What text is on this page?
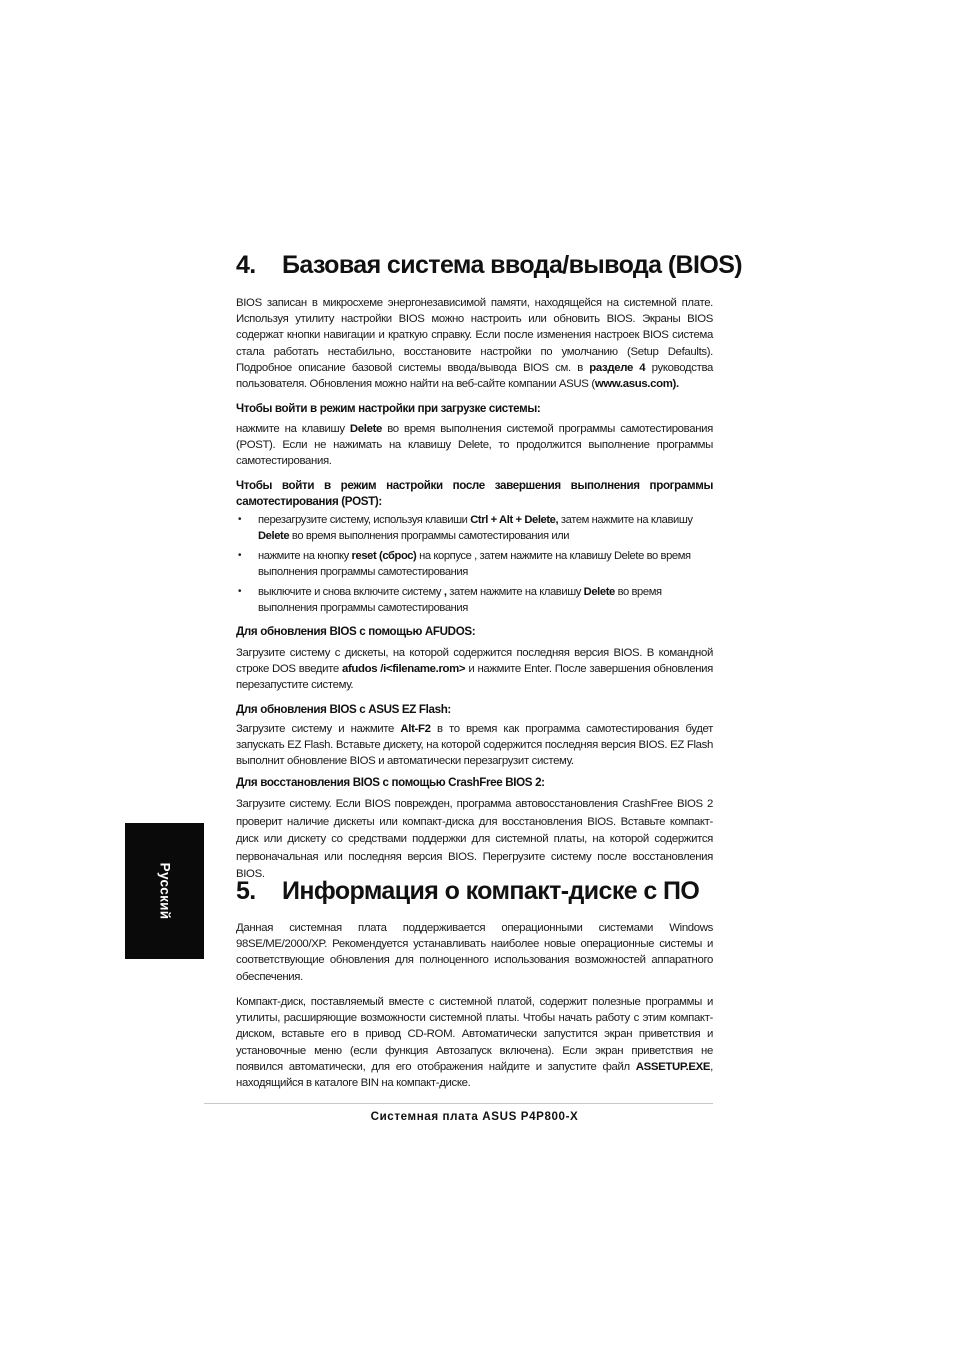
4. Базовая система ввода/вывода (BIOS)
BIOS записан в микросхеме энергонезависимой памяти, находящейся на системной плате. Используя утилиту настройки BIOS можно настроить или обновить BIOS. Экраны BIOS содержат кнопки навигации и краткую справку. Если после изменения настроек BIOS система стала работать нестабильно, восстановите настройки по умолчанию (Setup Defaults). Подробное описание базовой системы ввода/вывода BIOS см. в разделе 4 руководства пользователя. Обновления можно найти на веб-сайте компании ASUS (www.asus.com).
Чтобы войти в режим настройки при загрузке системы:
нажмите на клавишу Delete во время выполнения системой программы самотестирования (POST). Если не нажимать на клавишу Delete, то продолжится выполнение программы самотестирования.
Чтобы войти в режим настройки после завершения выполнения программы самотестирования (POST):
• перезагрузите систему, используя клавиши Ctrl + Alt + Delete, затем нажмите на клавишу Delete во время выполнения программы самотестирования или
• нажмите на кнопку reset (сброс) на корпусе , затем нажмите на клавишу Delete во время выполнения программы самотестирования
• выключите и снова включите систему , затем нажмите на клавишу Delete во время выполнения программы самотестирования
Для обновления BIOS с помощью AFUDOS:
Загрузите систему с дискеты, на которой содержится последняя версия BIOS. В командной строке DOS введите afudos /i<filename.rom> и нажмите Enter. После завершения обновления перезапустите систему.
Для обновления BIOS с ASUS EZ Flash:
Загрузите систему и нажмите Alt-F2 в то время как программа самотестирования будет запускать EZ Flash. Вставьте дискету, на которой содержится последняя версия BIOS. EZ Flash выполнит обновление BIOS и автоматически перезагрузит систему.
Для восстановления BIOS с помощью CrashFree BIOS 2:
Загрузите систему. Если BIOS поврежден, программа автовосстановления CrashFree BIOS 2 проверит наличие дискеты или компакт-диска для восстановления BIOS. Вставьте компакт-диск или дискету со средствами поддержки для системной платы, на которой содержится первоначальная или последняя версия BIOS. Перегрузите систему после восстановления BIOS.
5. Информация о компакт-диске с ПО
Данная системная плата поддерживается операционными системами Windows 98SE/ME/2000/XP. Рекомендуется устанавливать наиболее новые операционные системы и соответствующие обновления для полноценного использования возможностей аппаратного обеспечения.
Компакт-диск, поставляемый вместе с системной платой, содержит полезные программы и утилиты, расширяющие возможности системной платы. Чтобы начать работу с этим компакт-диском, вставьте его в привод CD-ROM. Автоматически запустится экран приветствия и установочные меню (если функция Автозапуск включена). Если экран приветствия не появился автоматически, для его отображения найдите и запустите файл ASSETUP.EXE, находящийся в каталоге BIN на компакт-диске.
Русский
Системная плата ASUS P4P800-X
